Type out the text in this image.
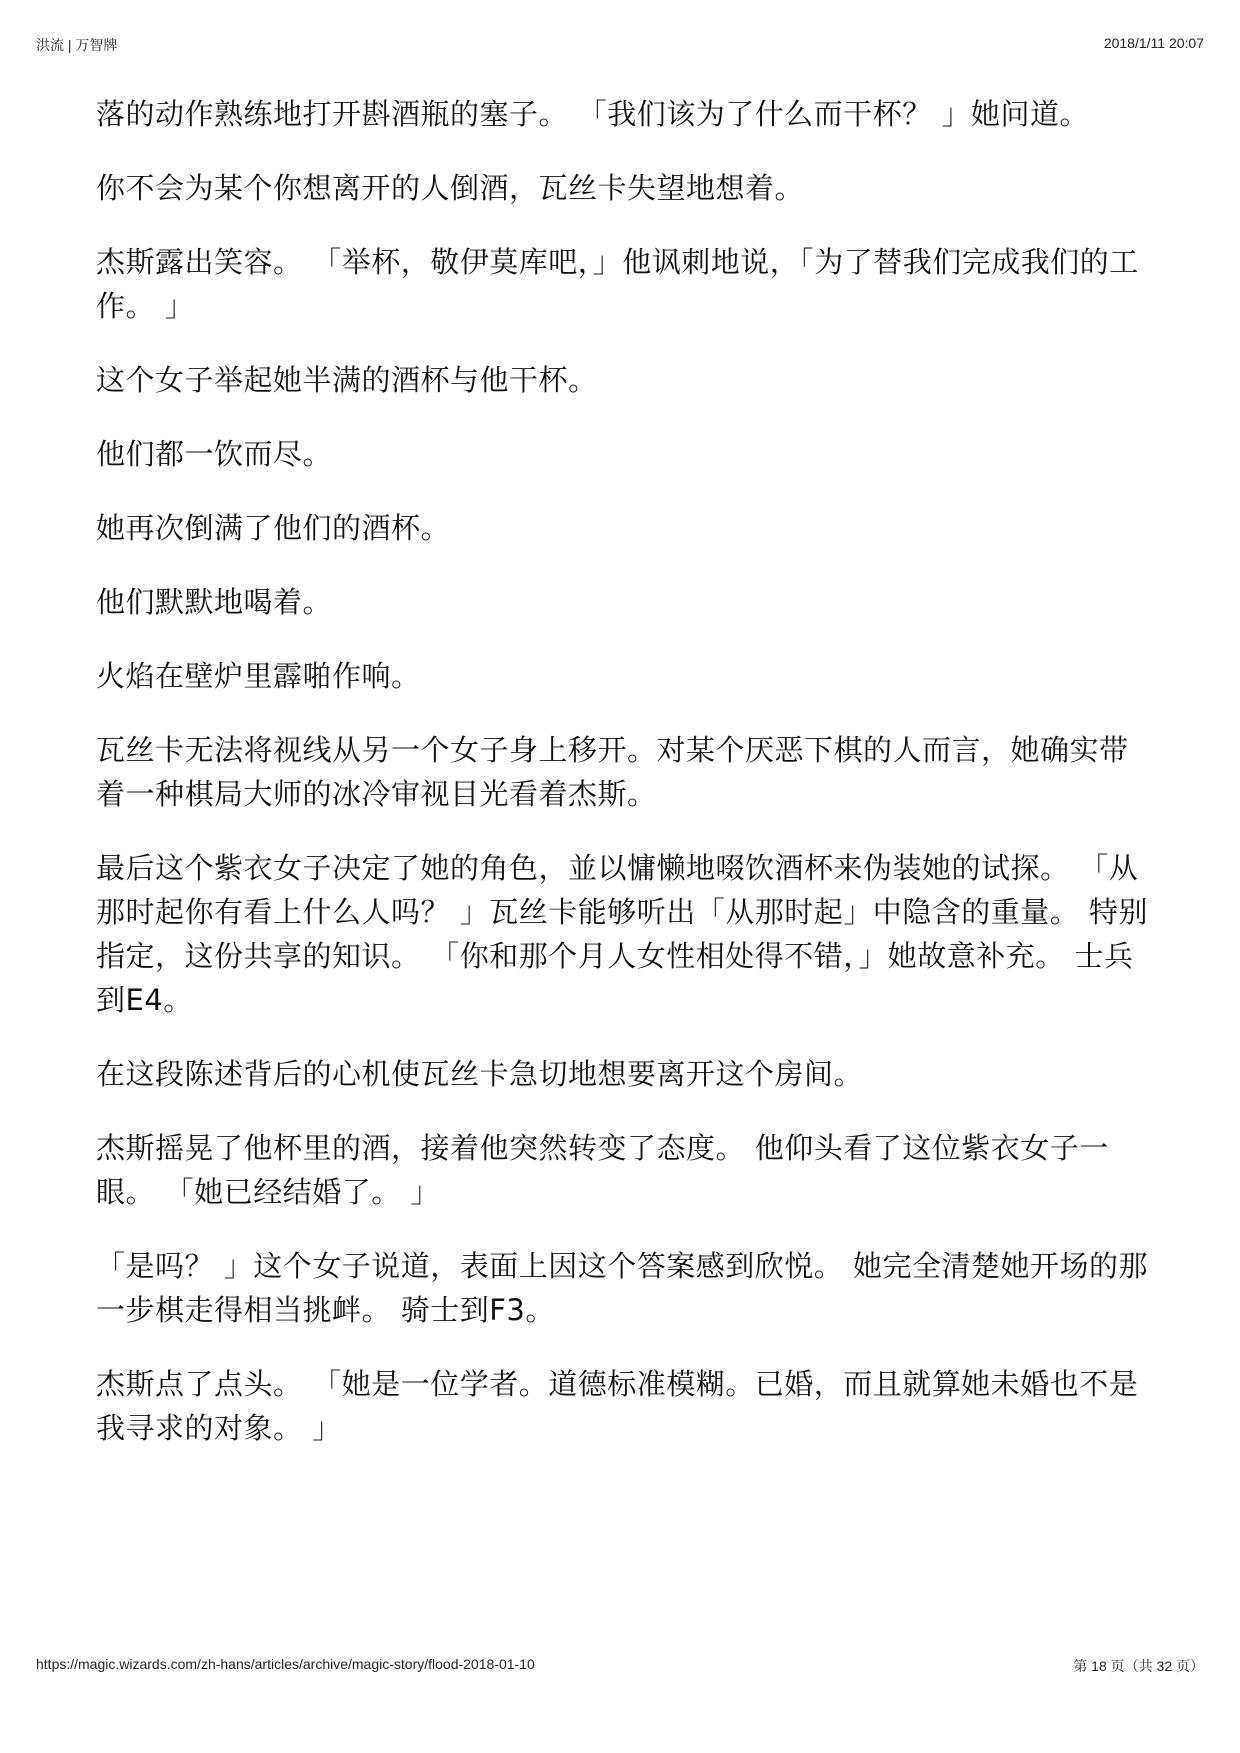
洪流 | 万智牌	2018/1/11 20:07

落的动作熟练地打开斟酒瓶的塞子。 「我们该为了什么而干杯？ 」她问道。

你不会为某个你想离开的人倒酒，瓦丝卡失望地想着。

杰斯露出笑容。 「举杯，敬伊莫库吧，」他讽刺地说，「为了替我们完成我们的工作。 」

这个女子举起她半满的酒杯与他干杯。

他们都一饮而尽。

她再次倒满了他们的酒杯。

他们默默地喝着。

火焰在壁炉里霹啪作响。

瓦丝卡无法将视线从另一个女子身上移开。对某个厌恶下棋的人而言，她确实带着一种棋局大师的冰冷审视目光看着杰斯。

最后这个紫衣女子决定了她的角色，並以慵懒地啜饮酒杯来伪装她的试探。 「从那时起你有看上什么人吗？ 」瓦丝卡能够听出「从那时起」中隐含的重量。 特别指定，这份共享的知识。 「你和那个月人女性相处得不错，」她故意补充。 士兵到E4。

在这段陈述背后的心机使瓦丝卡急切地想要离开这个房间。

杰斯摇晃了他杯里的酒，接着他突然转变了态度。 他仰头看了这位紫衣女子一眼。 「她已经结婚了。 」

「是吗？ 」这个女子说道，表面上因这个答案感到欣悦。 她完全清楚她开场的那一步棋走得相当挑衅。 骑士到F3。

杰斯点了点头。 「她是一位学者。道德标准模糊。已婚，而且就算她未婚也不是我寻求的对象。 」

https://magic.wizards.com/zh-hans/articles/archive/magic-story/flood-2018-01-10	第 18 页（共 32 页）
